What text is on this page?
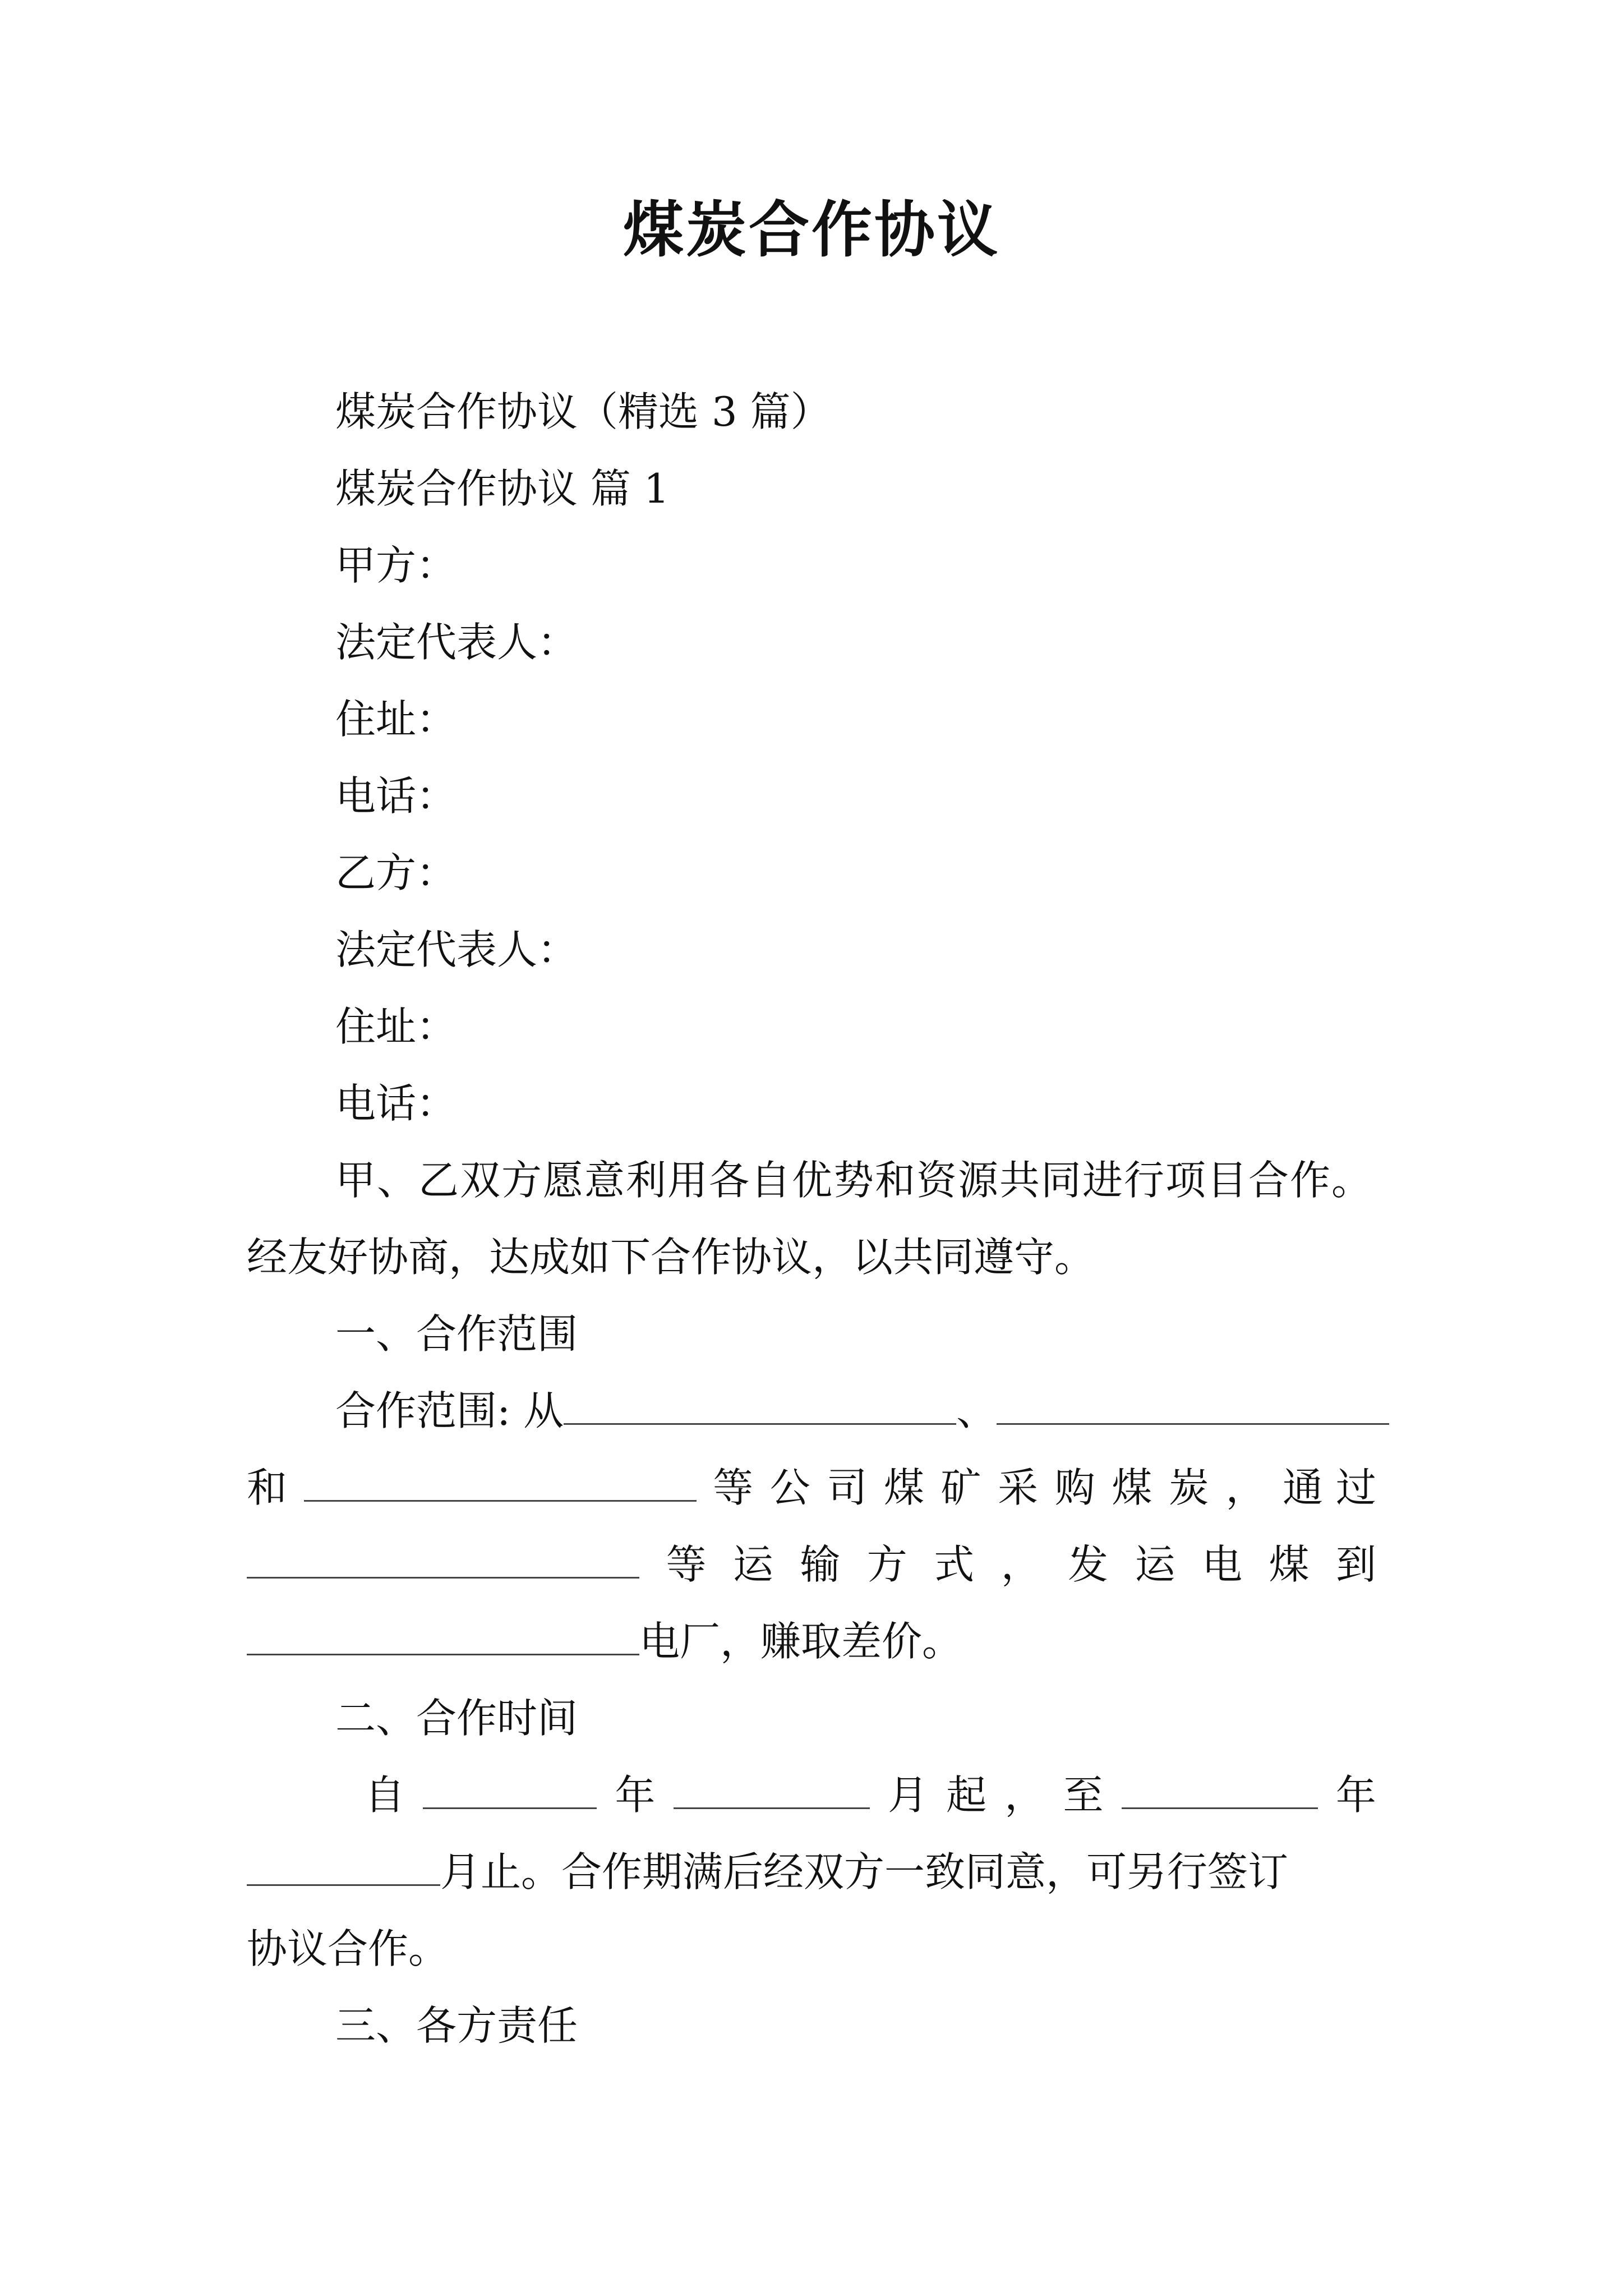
煤炭合作协议
煤炭合作协议（精选 3 篇）
煤炭合作协议 篇 1
甲方：
法定代表人：
住址：
电话：
乙方：
法定代表人：
住址：
电话：
甲、乙双方愿意利用各自优势和资源共同进行项目合作。
经友好协商，达成如下合作协议，以共同遵守。
一、合作范围
合作范围: 从	、
和	等 公 司 煤 矿 采 购 煤 炭 ， 通 过
等 运 输 方 式 ， 发 运 电 煤 到
电厂，赚取差价。
二、合作时间
自	年	月 起 ， 至	年
月止。合作期满后经双方一致同意，可另行签订
协议合作。
三、各方责任
